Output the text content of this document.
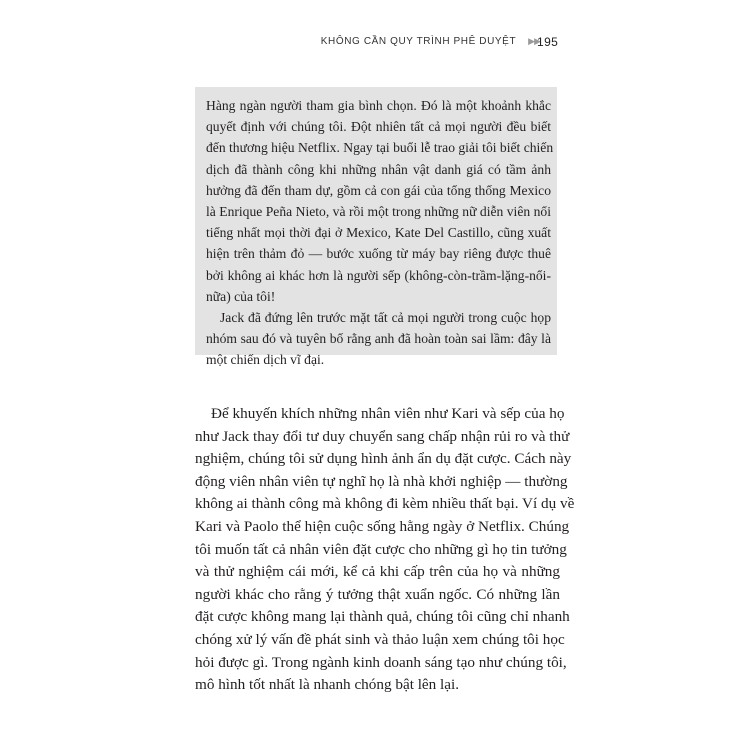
KHÔNG CẦN QUY TRÌNH PHÊ DUYỆT ▶▶
195

Hàng ngàn người tham gia bình chọn. Đó là một khoảnh khắc
quyết định với chúng tôi. Đột nhiên tất cả mọi người đều biết
đến thương hiệu Netflix. Ngay tại buổi lễ trao giải tôi biết chiến
dịch đã thành công khi những nhân vật danh giá có tầm ảnh
hưởng đã đến tham dự, gồm cả con gái của tổng thống Mexico
là Enrique Peña Nieto, và rồi một trong những nữ diễn viên nổi
tiếng nhất mọi thời đại ở Mexico, Kate Del Castillo, cũng xuất
hiện trên thảm đỏ — bước xuống từ máy bay riêng được thuê
bởi không ai khác hơn là người sếp (không-còn-trầm-lặng-nổi-
nữa) của tôi!

Jack đã đứng lên trước mặt tất cả mọi người trong cuộc họp
nhóm sau đó và tuyên bố rằng anh đã hoàn toàn sai lầm: đây là
một chiến dịch vĩ đại.

Để khuyến khích những nhân viên như Kari và sếp của họ
như Jack thay đổi tư duy chuyển sang chấp nhận rủi ro và thử
nghiệm, chúng tôi sử dụng hình ảnh ẩn dụ đặt cược. Cách này
động viên nhân viên tự nghĩ họ là nhà khởi nghiệp — thường
không ai thành công mà không đi kèm nhiều thất bại. Ví dụ về
Kari và Paolo thể hiện cuộc sống hằng ngày ở Netflix. Chúng
tôi muốn tất cả nhân viên đặt cược cho những gì họ tin tưởng
và thử nghiệm cái mới, kể cả khi cấp trên của họ và những
người khác cho rằng ý tưởng thật xuẩn ngốc. Có những lần
đặt cược không mang lại thành quả, chúng tôi cũng chỉ nhanh
chóng xử lý vấn đề phát sinh và thảo luận xem chúng tôi học
hỏi được gì. Trong ngành kinh doanh sáng tạo như chúng tôi,
mô hình tốt nhất là nhanh chóng bật lên lại.
